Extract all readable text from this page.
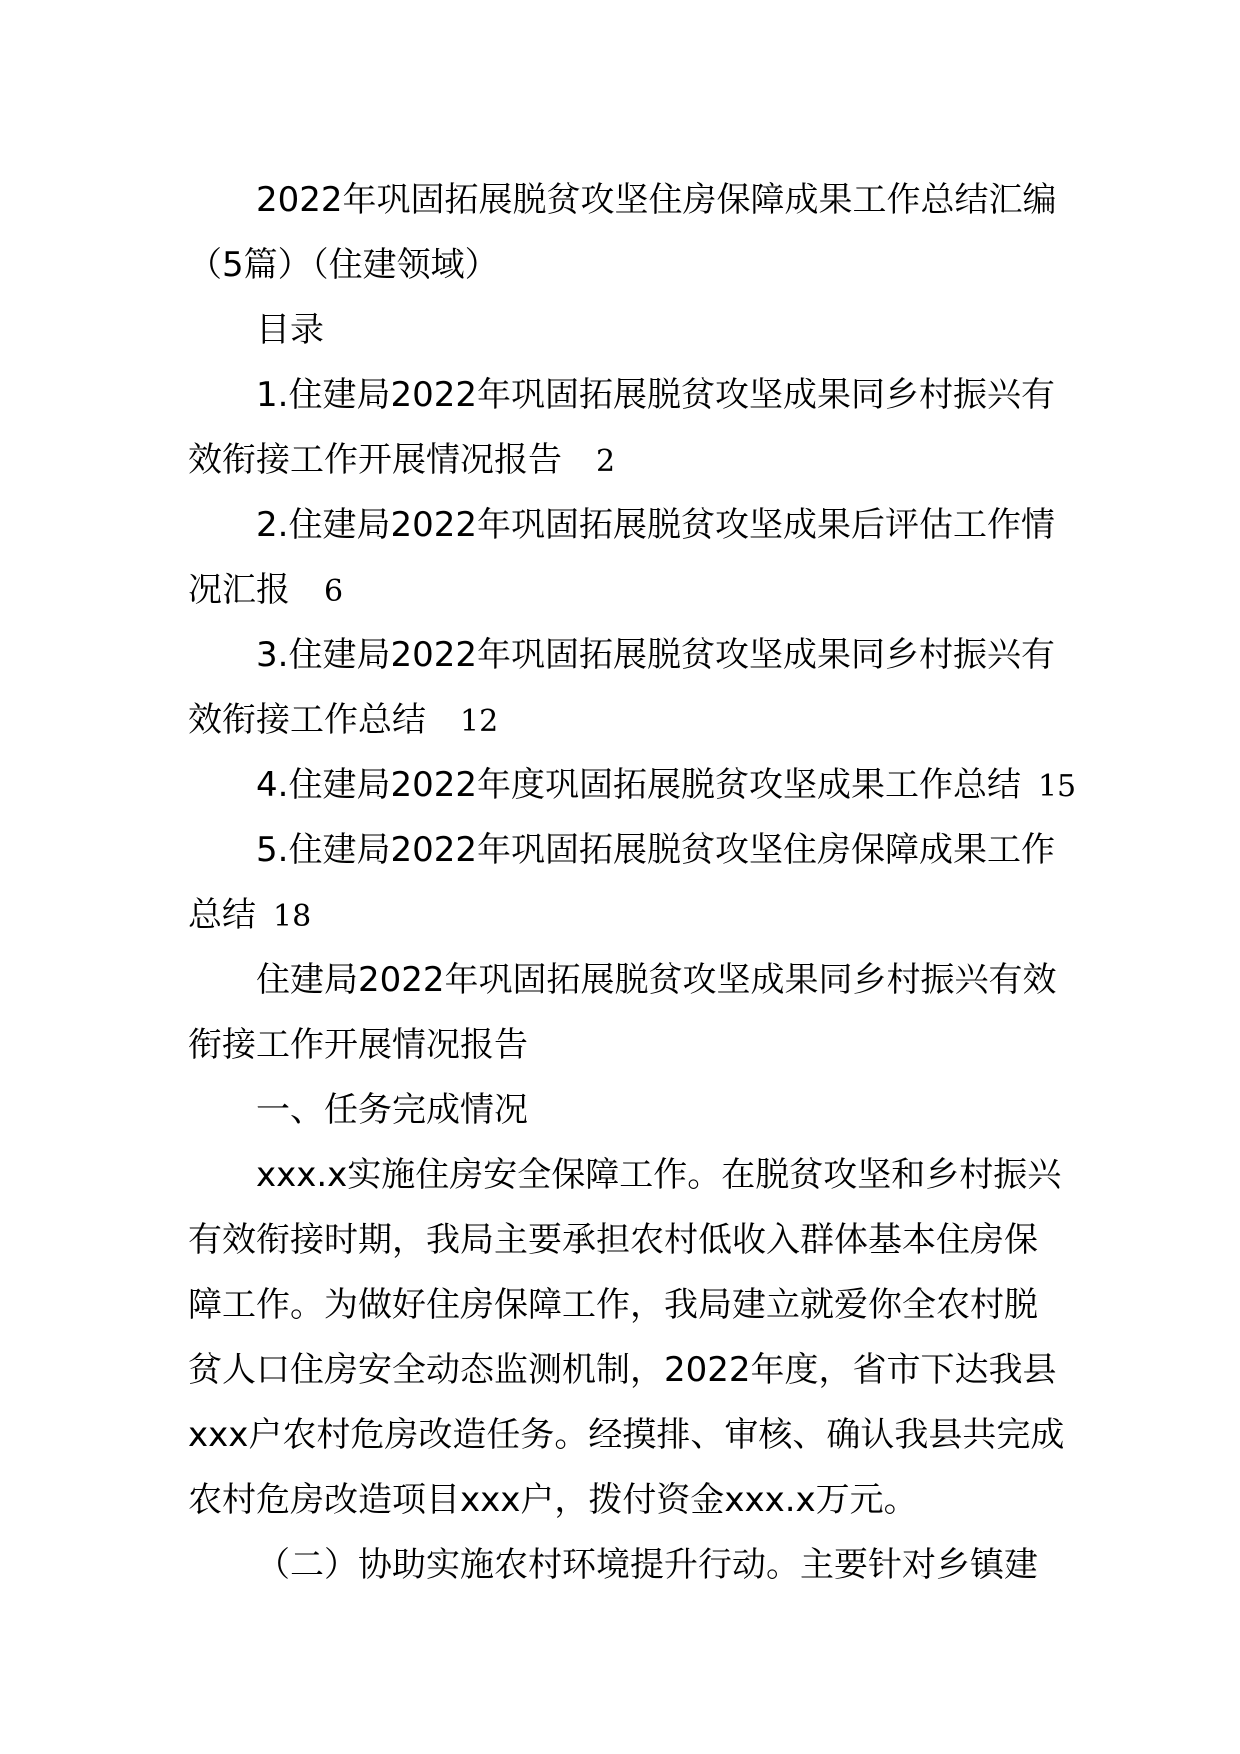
2022年巩固拓展脱贫攻坚住房保障成果工作总结汇编
（5篇）（住建领域）
目录
1.住建局2022年巩固拓展脱贫攻坚成果同乡村振兴有
效衔接工作开展情况报告  2
2.住建局2022年巩固拓展脱贫攻坚成果后评估工作情
况汇报  6
3.住建局2022年巩固拓展脱贫攻坚成果同乡村振兴有
效衔接工作总结  12
4.住建局2022年度巩固拓展脱贫攻坚成果工作总结  15
5.住建局2022年巩固拓展脱贫攻坚住房保障成果工作
总结  18
住建局2022年巩固拓展脱贫攻坚成果同乡村振兴有效
衔接工作开展情况报告
一、任务完成情况
xxx.x实施住房安全保障工作。在脱贫攻坚和乡村振兴
有效衔接时期，我局主要承担农村低收入群体基本住房保
障工作。为做好住房保障工作，我局建立就爱你全农村脱
贫人口住房安全动态监测机制，2022年度，省市下达我县
xxx户农村危房改造任务。经摸排、审核、确认我县共完成
农村危房改造项目xxx户，拨付资金xxx.x万元。
（二）协助实施农村环境提升行动。主要针对乡镇建
